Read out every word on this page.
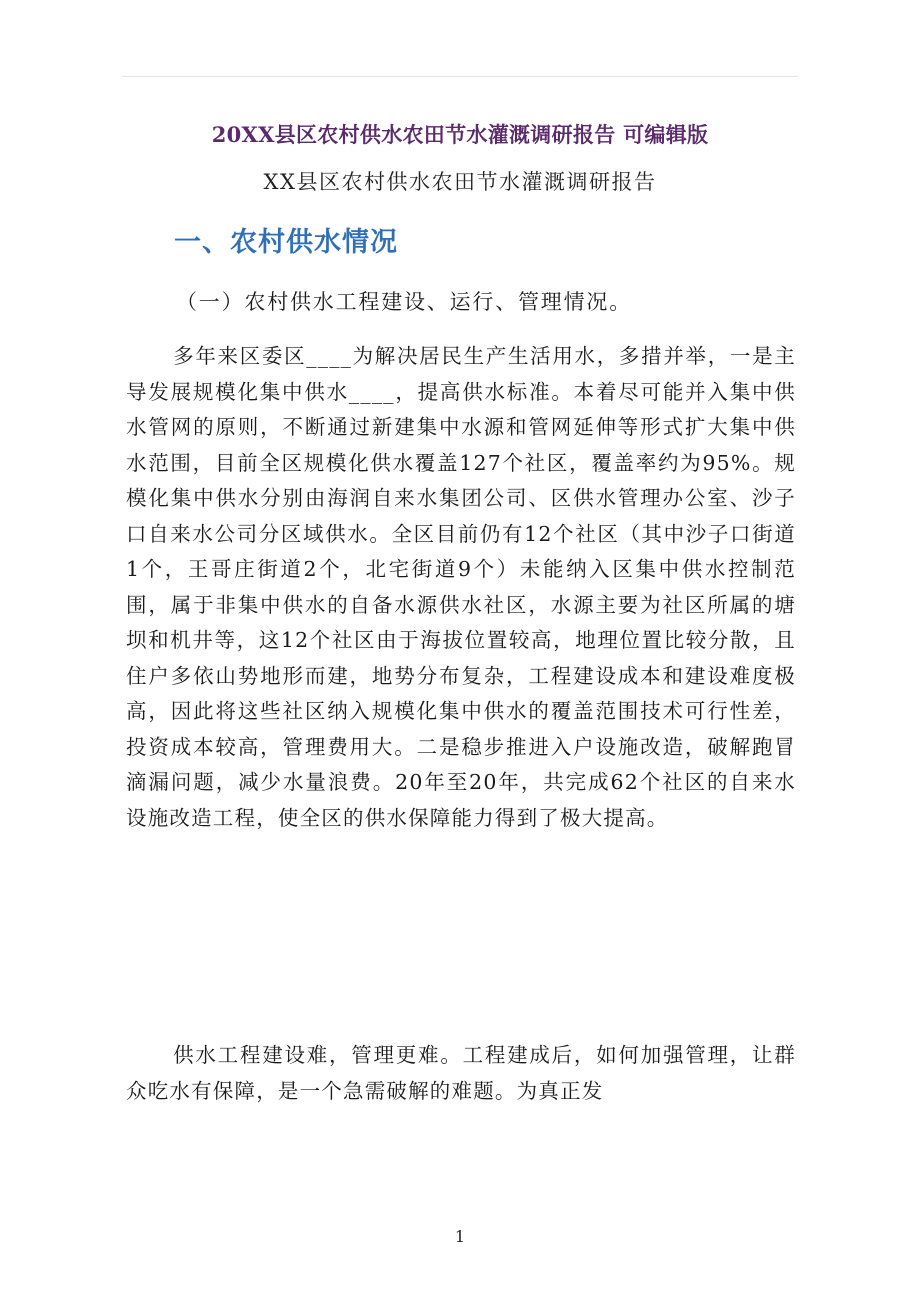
20XX县区农村供水农田节水灌溉调研报告 可编辑版
XX县区农村供水农田节水灌溉调研报告
一、农村供水情况
（一）农村供水工程建设、运行、管理情况。

多年来区委区____为解决居民生产生活用水，多措并举，一是主导发展规模化集中供水____，提高供水标准。本着尽可能并入集中供水管网的原则，不断通过新建集中水源和管网延伸等形式扩大集中供水范围，目前全区规模化供水覆盖127个社区，覆盖率约为95%。规模化集中供水分别由海润自来水集团公司、区供水管理办公室、沙子口自来水公司分区域供水。全区目前仍有12个社区（其中沙子口街道1个，王哥庄街道2个，北宅街道9个）未能纳入区集中供水控制范围，属于非集中供水的自备水源供水社区，水源主要为社区所属的塘坝和机井等，这12个社区由于海拔位置较高，地理位置比较分散，且住户多依山势地形而建，地势分布复杂，工程建设成本和建设难度极高，因此将这些社区纳入规模化集中供水的覆盖范围技术可行性差，投资成本较高，管理费用大。二是稳步推进入户设施改造，破解跑冒滴漏问题，减少水量浪费。20年至20年，共完成62个社区的自来水设施改造工程，使全区的供水保障能力得到了极大提高。

供水工程建设难，管理更难。工程建成后，如何加强管理，让群众吃水有保障，是一个急需破解的难题。为真正发

1
